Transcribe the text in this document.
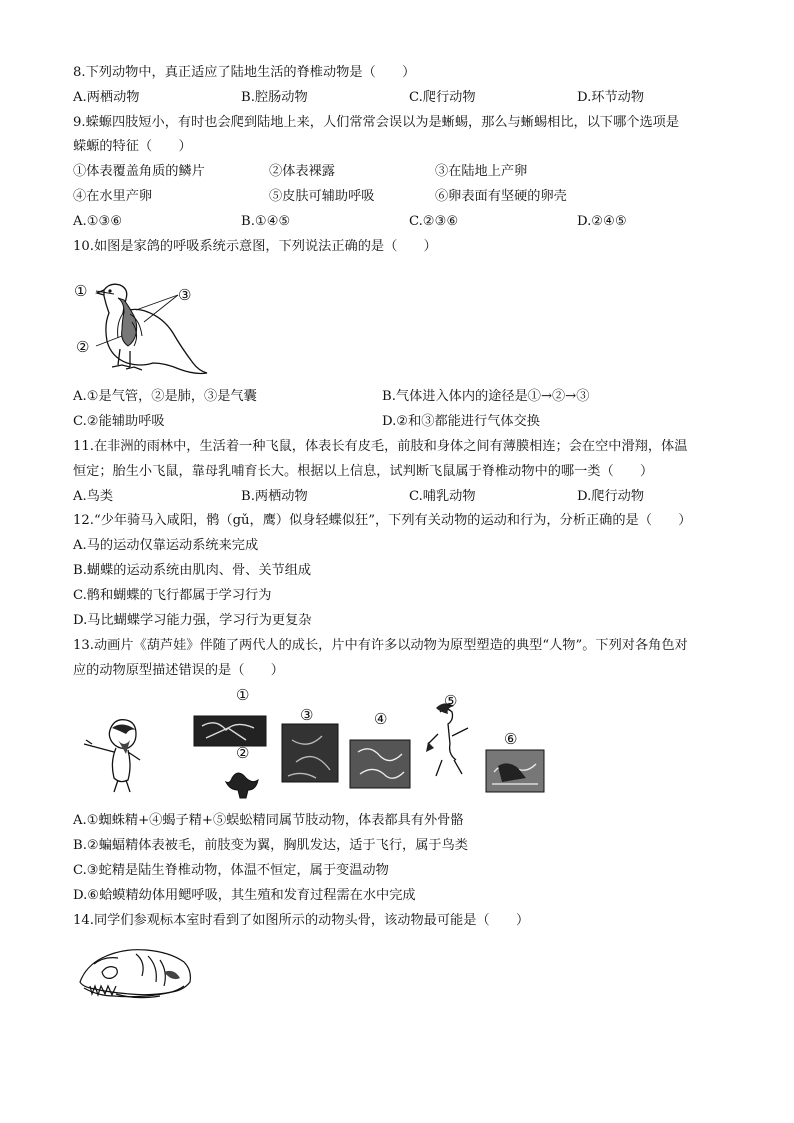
8.下列动物中，真正适应了陆地生活的脊椎动物是（　　）
A.两栖动物	B.腔肠动物	C.爬行动物	D.环节动物
9.蝾螈四肢短小，有时也会爬到陆地上来，人们常常会误以为是蜥蜴，那么与蜥蜴相比，以下哪个选项是
蝾螈的特征（　　）
①体表覆盖角质的鳞片	②体表裸露	③在陆地上产卵
④在水里产卵	⑤皮肤可辅助呼吸	⑥卵表面有坚硬的卵壳
A.①③⑥	B.①④⑤	C.②③⑥	D.②④⑤
10.如图是家鸽的呼吸系统示意图，下列说法正确的是（　　）
①
②
③
A.①是气管，②是肺，③是气囊	B.气体进入体内的途径是①→②→③
C.②能辅助呼吸	D.②和③都能进行气体交换
11.在非洲的雨林中，生活着一种飞鼠，体表长有皮毛，前肢和身体之间有薄膜相连；会在空中滑翔，体温
恒定；胎生小飞鼠，靠母乳哺育长大。根据以上信息，试判断飞鼠属于脊椎动物中的哪一类（　　）
A.鸟类	B.两栖动物	C.哺乳动物	D.爬行动物
12.“少年骑马入咸阳，鹘（gǔ，鹰）似身轻蝶似狂”，下列有关动物的运动和行为，分析正确的是（　　）
A.马的运动仅靠运动系统来完成
B.蝴蝶的运动系统由肌肉、骨、关节组成
C.鹘和蝴蝶的飞行都属于学习行为
D.马比蝴蝶学习能力强，学习行为更复杂
13.动画片《葫芦娃》伴随了两代人的成长，片中有许多以动物为原型塑造的典型“人物”。下列对各角色对
应的动物原型描述错误的是（　　）
①
②
③	④
⑤
⑥
A.①蜘蛛精+④蝎子精+⑤蜈蚣精同属节肢动物，体表都具有外骨骼
B.②蝙蝠精体表被毛，前肢变为翼，胸肌发达，适于飞行，属于鸟类
C.③蛇精是陆生脊椎动物，体温不恒定，属于变温动物
D.⑥蛤蟆精幼体用鳃呼吸，其生殖和发育过程需在水中完成
14.同学们参观标本室时看到了如图所示的动物头骨，该动物最可能是（　　）
